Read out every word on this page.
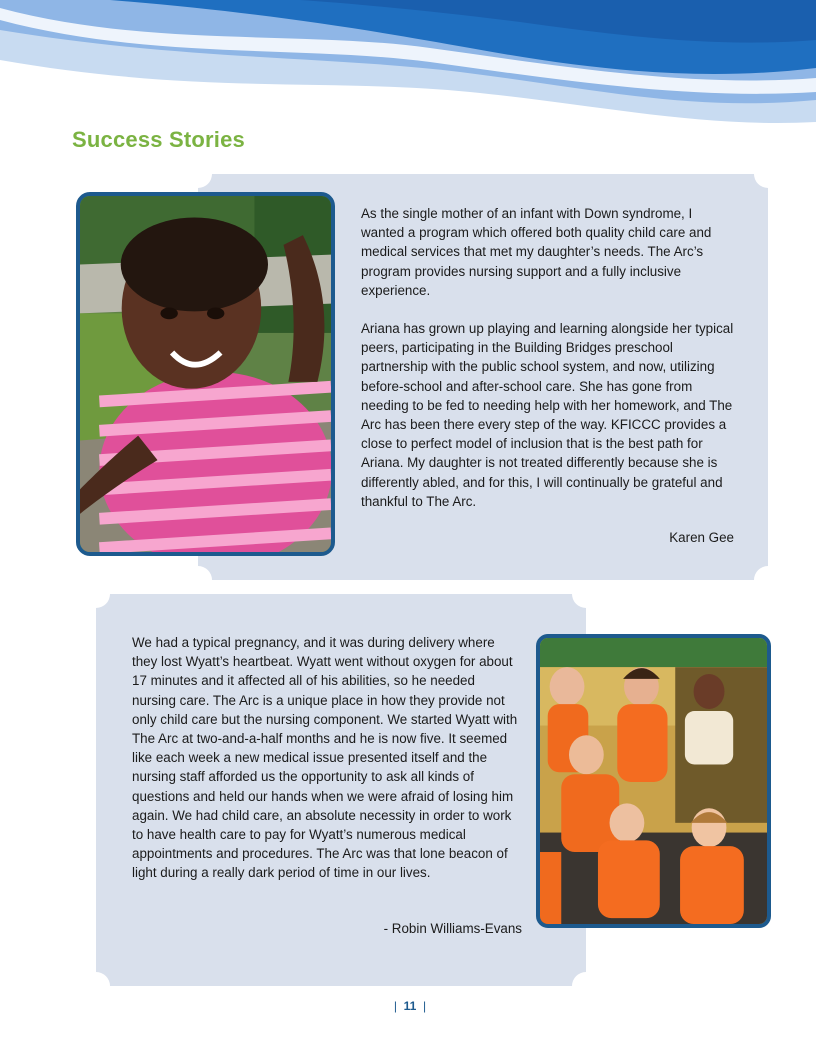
Success Stories

As the single mother of an infant with Down syndrome, I wanted a program which offered both quality child care and medical services that met my daughter’s needs. The Arc’s program provides nursing support and a fully inclusive experience.

Ariana has grown up playing and learning alongside her typical peers, participating in the Building Bridges preschool partnership with the public school system, and now, utilizing before-school and after-school care. She has gone from needing to be fed to needing help with her homework, and The Arc has been there every step of the way. KFICCC provides a close to perfect model of inclusion that is the best path for Ariana. My daughter is not treated differently because she is differently abled, and for this, I will continually be grateful and thankful to The Arc.

Karen Gee

We had a typical pregnancy, and it was during delivery where they lost Wyatt’s heartbeat. Wyatt went without oxygen for about 17 minutes and it affected all of his abilities, so he needed nursing care. The Arc is a unique place in how they provide not only child care but the nursing component. We started Wyatt with The Arc at two-and-a-half months and he is now five. It seemed like each week a new medical issue presented itself and the nursing staff afforded us the opportunity to ask all kinds of questions and held our hands when we were afraid of losing him again. We had child care, an absolute necessity in order to work to have health care to pay for Wyatt’s numerous medical appointments and procedures. The Arc was that lone beacon of light during a really dark period of time in our lives.

- Robin Williams-Evans
| 11 |
